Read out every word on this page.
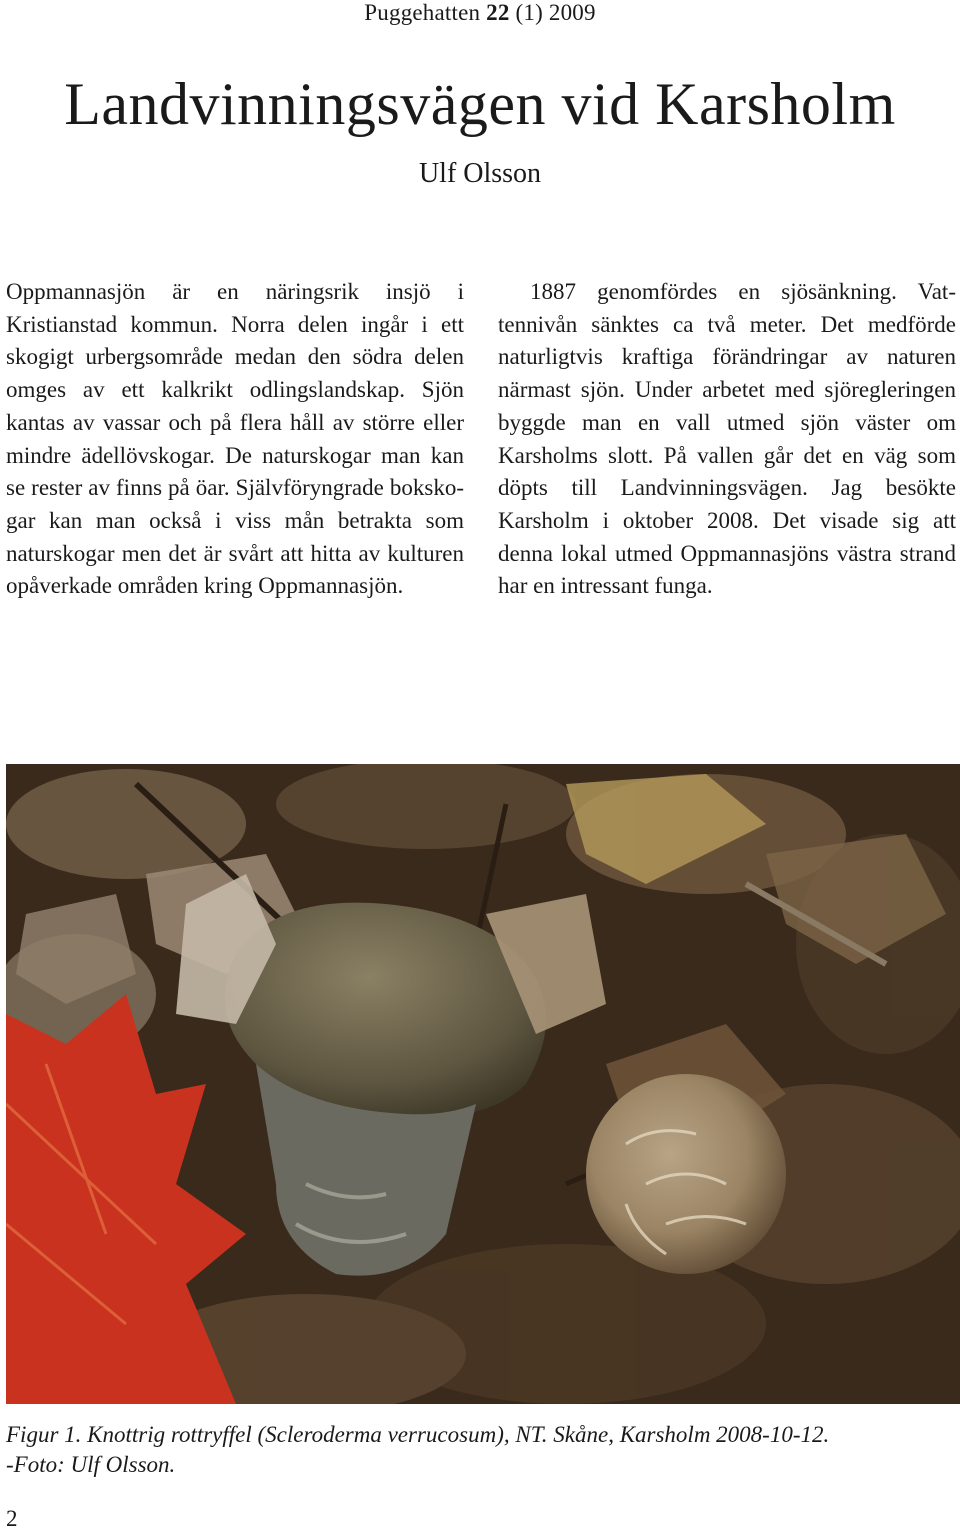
Puggehatten 22 (1) 2009
Landvinningsvägen vid Karsholm
Ulf Olsson

Oppmannasjön är en näringsrik insjö i Kristianstad kommun. Norra delen ingår i ett skogigt urbergsområde medan den södra delen omges av ett kalkrikt odlingslandskap. Sjön kantas av vassar och på flera håll av större eller mindre ädellövskogar. De naturskogar man kan se rester av finns på öar. Självföryngrade bokskogar kan man också i viss mån betrakta som naturskogar men det är svårt att hitta av kulturen opåverkade områden kring Oppmannasjön.

1887 genomfördes en sjösänkning. Vattennivån sänktes ca två meter. Det medförde naturligtvis kraftiga förändringar av naturen närmast sjön. Under arbetet med sjöregleringen byggde man en vall utmed sjön väster om Karsholms slott. På vallen går det en väg som döpts till Landvinningsvägen. Jag besökte Karsholm i oktober 2008. Det visade sig att denna lokal utmed Oppmannasjöns västra strand har en intressant funga.

Figur 1. Knottrig rottryffel (Scleroderma verrucosum), NT. Skåne, Karsholm 2008-10-12.
-Foto: Ulf Olsson.
2
